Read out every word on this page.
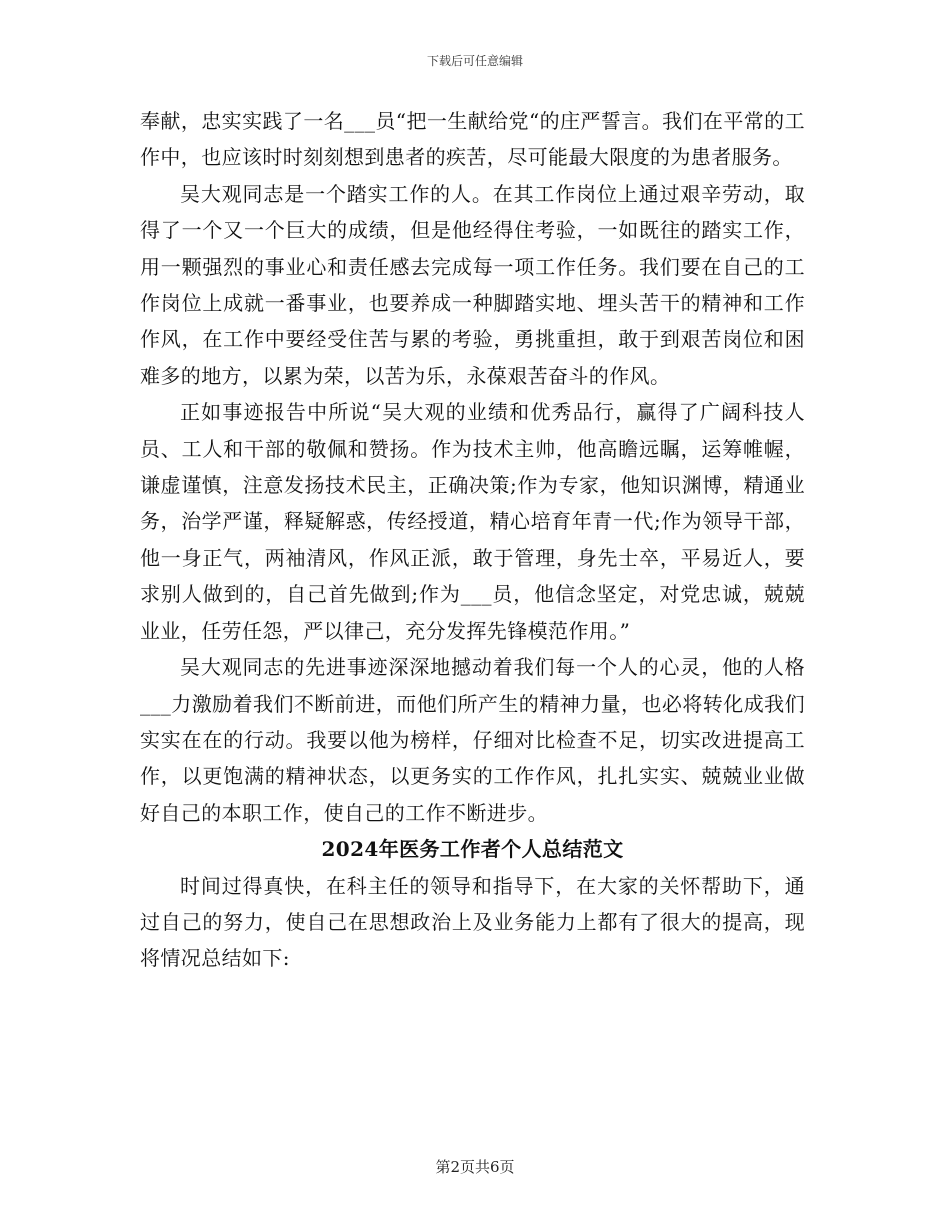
下载后可任意编辑

奉献，忠实实践了一名___员“把一生献给党“的庄严誓言。我们在平常的工作中，也应该时时刻刻想到患者的疾苦，尽可能最大限度的为患者服务。

吴大观同志是一个踏实工作的人。在其工作岗位上通过艰辛劳动，取得了一个又一个巨大的成绩，但是他经得住考验，一如既往的踏实工作，用一颗强烈的事业心和责任感去完成每一项工作任务。我们要在自己的工作岗位上成就一番事业，也要养成一种脚踏实地、埋头苦干的精神和工作作风，在工作中要经受住苦与累的考验，勇挑重担，敢于到艰苦岗位和困难多的地方，以累为荣，以苦为乐，永葆艰苦奋斗的作风。

正如事迹报告中所说“吴大观的业绩和优秀品行，赢得了广阔科技人员、工人和干部的敬佩和赞扬。作为技术主帅，他高瞻远瞩，运筹帷幄，谦虚谨慎，注意发扬技术民主，正确决策;作为专家，他知识渊博，精通业务，治学严谨，释疑解惑，传经授道，精心培育年青一代;作为领导干部，他一身正气，两袖清风，作风正派，敢于管理，身先士卒，平易近人，要求别人做到的，自己首先做到;作为___员，他信念坚定，对党忠诚，兢兢业业，任劳任怨，严以律己，充分发挥先锋模范作用。”

吴大观同志的先进事迹深深地撼动着我们每一个人的心灵，他的人格___力激励着我们不断前进，而他们所产生的精神力量，也必将转化成我们实实在在的行动。我要以他为榜样，仔细对比检查不足，切实改进提高工作，以更饱满的精神状态，以更务实的工作作风，扎扎实实、兢兢业业做好自己的本职工作，使自己的工作不断进步。

2024年医务工作者个人总结范文

时间过得真快，在科主任的领导和指导下，在大家的关怀帮助下，通过自己的努力，使自己在思想政治上及业务能力上都有了很大的提高，现将情况总结如下:

第2页共6页
